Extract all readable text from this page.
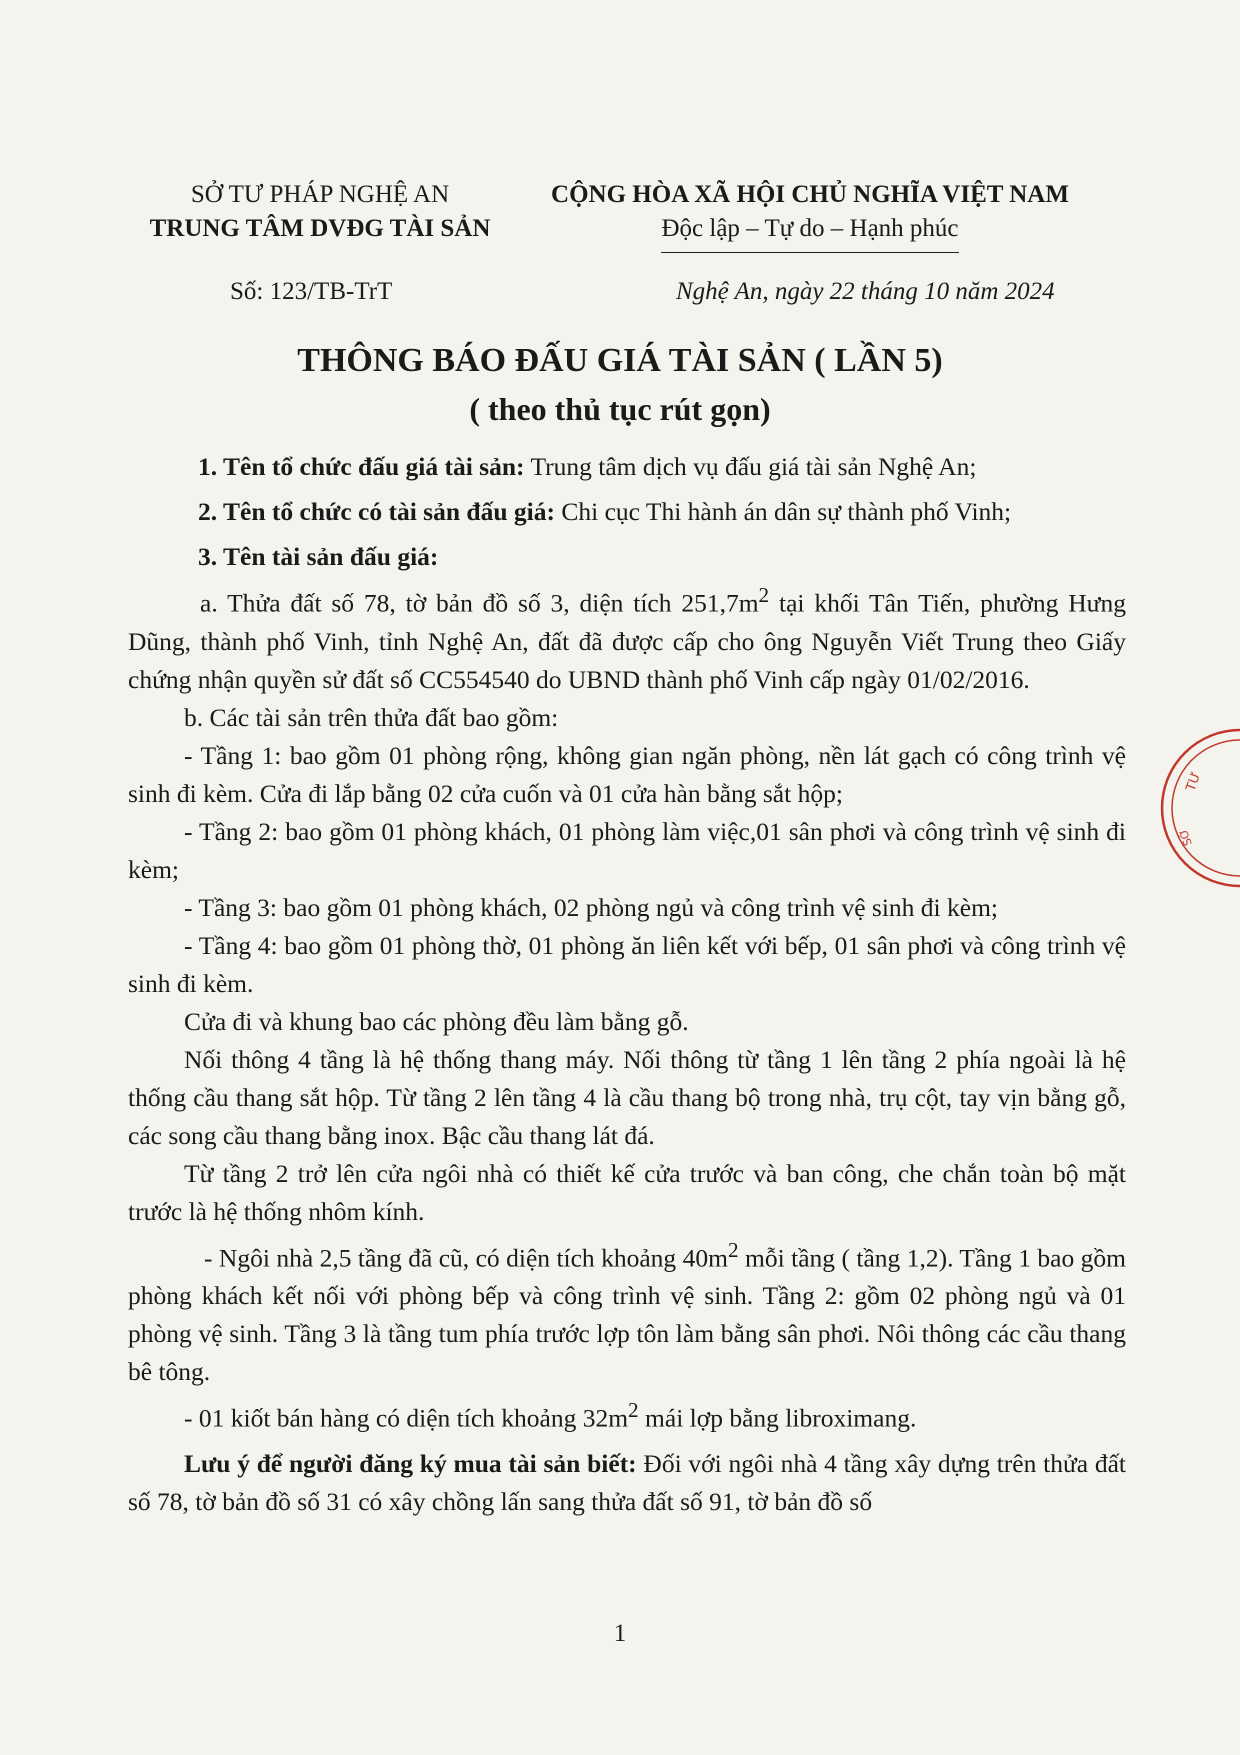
SỞ TƯ PHÁP NGHỆ AN
TRUNG TÂM DVĐG TÀI SẢN
CỘNG HÒA XÃ HỘI CHỦ NGHĨA VIỆT NAM
Độc lập – Tự do – Hạnh phúc
Số: 123/TB-TrT	Nghệ An, ngày 22 tháng 10 năm 2024
THÔNG BÁO ĐẤU GIÁ TÀI SẢN ( LẦN 5)
( theo thủ tục rút gọn)

1. Tên tổ chức đấu giá tài sản: Trung tâm dịch vụ đấu giá tài sản Nghệ An;

2. Tên tổ chức có tài sản đấu giá: Chi cục Thi hành án dân sự thành phố Vinh;

3. Tên tài sản đấu giá:

a. Thửa đất số 78, tờ bản đồ số 3, diện tích $251,7m^2$ tại khối Tân Tiến, phường Hưng Dũng, thành phố Vinh, tỉnh Nghệ An, đất đã được cấp cho ông Nguyễn Viết Trung theo Giấy chứng nhận quyền sử đất số CC554540 do UBND thành phố Vinh cấp ngày 01/02/2016.

b. Các tài sản trên thửa đất bao gồm:

- Tầng 1: bao gồm 01 phòng rộng, không gian ngăn phòng, nền lát gạch có công trình vệ sinh đi kèm. Cửa đi lắp bằng 02 cửa cuốn và 01 cửa hàn bằng sắt hộp;

- Tầng 2: bao gồm 01 phòng khách, 01 phòng làm việc,01 sân phơi và công trình vệ sinh đi kèm;

- Tầng 3: bao gồm 01 phòng khách, 02 phòng ngủ và công trình vệ sinh đi kèm;

- Tầng 4: bao gồm 01 phòng thờ, 01 phòng ăn liên kết với bếp, 01 sân phơi và công trình vệ sinh đi kèm.

Cửa đi và khung bao các phòng đều làm bằng gỗ.

Nối thông 4 tầng là hệ thống thang máy. Nối thông từ tầng 1 lên tầng 2 phía ngoài là hệ thống cầu thang sắt hộp. Từ tầng 2 lên tầng 4 là cầu thang bộ trong nhà, trụ cột, tay vịn bằng gỗ, các song cầu thang bằng inox. Bậc cầu thang lát đá.

Từ tầng 2 trở lên cửa ngôi nhà có thiết kế cửa trước và ban công, che chắn toàn bộ mặt trước là hệ thống nhôm kính.

- Ngôi nhà 2,5 tầng đã cũ, có diện tích khoảng $40m^2$ mỗi tầng ( tầng 1,2). Tầng 1 bao gồm phòng khách kết nối với phòng bếp và công trình vệ sinh. Tầng 2: gồm 02 phòng ngủ và 01 phòng vệ sinh. Tầng 3 là tầng tum phía trước lợp tôn làm bằng sân phơi. Nôi thông các cầu thang bê tông.

- 01 kiốt bán hàng có diện tích khoảng $32m^2$ mái lợp bằng libroximang.

Lưu ý để người đăng ký mua tài sản biết: Đối với ngôi nhà 4 tầng xây dựng trên thửa đất số 78, tờ bản đồ số 31 có xây chồng lấn sang thửa đất số 91, tờ bản đồ số

1
TƯ
SỞ
